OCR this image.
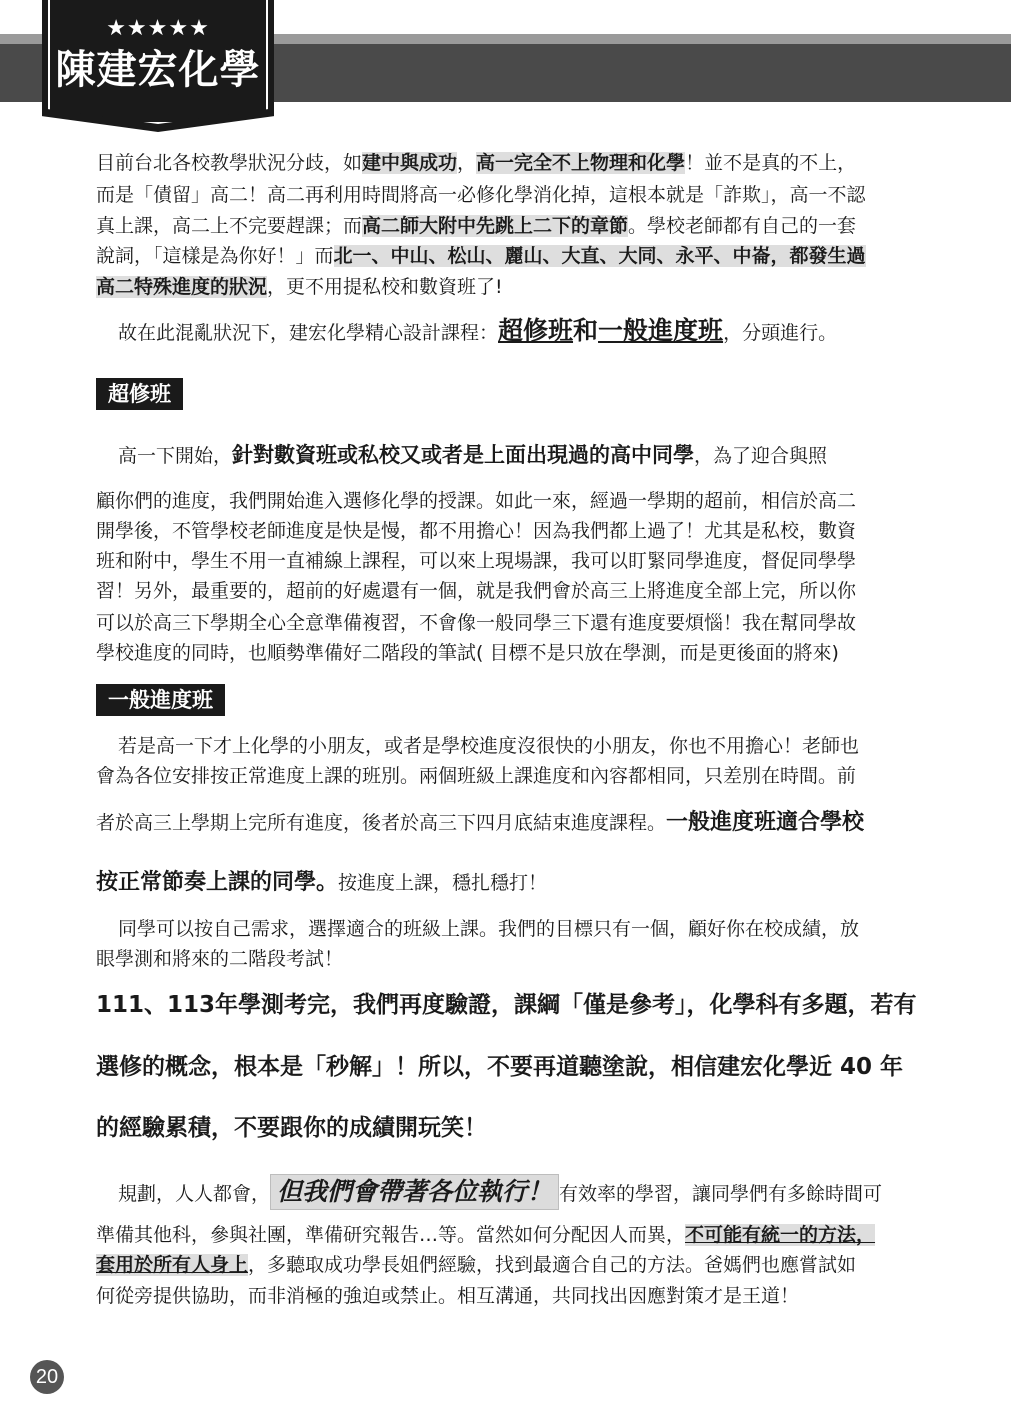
★★★★★
陳建宏化學

目前台北各校教學狀況分歧，如建中與成功，高一完全不上物理和化學！並不是真的不上，

而是「債留」高二！高二再利用時間將高一必修化學消化掉，這根本就是「詐欺」，高一不認

真上課，高二上不完要趕課；而高二師大附中先跳上二下的章節。學校老師都有自己的一套

說詞，「這樣是為你好！」而北一、中山、松山、麗山、大直、大同、永平、中崙，都發生過

高二特殊進度的狀況，更不用提私校和數資班了!

故在此混亂狀況下，建宏化學精心設計課程：超修班和一般進度班，分頭進行。

超修班

高一下開始，針對數資班或私校又或者是上面出現過的高中同學，為了迎合與照

顧你們的進度，我們開始進入選修化學的授課。如此一來，經過一學期的超前，相信於高二

開學後，不管學校老師進度是快是慢，都不用擔心！因為我們都上過了！尤其是私校，數資

班和附中，學生不用一直補線上課程，可以來上現場課，我可以盯緊同學進度，督促同學學

習！另外，最重要的，超前的好處還有一個，就是我們會於高三上將進度全部上完，所以你

可以於高三下學期全心全意準備複習，不會像一般同學三下還有進度要煩惱！我在幫同學故

學校進度的同時，也順勢準備好二階段的筆試( 目標不是只放在學測，而是更後面的將來)

一般進度班

若是高一下才上化學的小朋友，或者是學校進度沒很快的小朋友，你也不用擔心！老師也

會為各位安排按正常進度上課的班別。兩個班級上課進度和內容都相同，只差別在時間。前

者於高三上學期上完所有進度，後者於高三下四月底結束進度課程。一般進度班適合學校

按正常節奏上課的同學。按進度上課，穩扎穩打！

同學可以按自己需求，選擇適合的班級上課。我們的目標只有一個，顧好你在校成績，放

眼學測和將來的二階段考試！

111、113年學測考完，我們再度驗證，課綱「僅是參考」，化學科有多題，若有
選修的概念，根本是「秒解」！所以，不要再道聽塗說，相信建宏化學近 40 年
的經驗累積，不要跟你的成績開玩笑！

規劃，人人都會， 但我們會帶著各位執行！ 有效率的學習，讓同學們有多餘時間可

準備其他科，參與社團，準備研究報告…等。當然如何分配因人而異，不可能有統一的方法，

套用於所有人身上，多聽取成功學長姐們經驗，找到最適合自己的方法。爸媽們也應嘗試如

何從旁提供協助，而非消極的強迫或禁止。相互溝通，共同找出因應對策才是王道！

20
